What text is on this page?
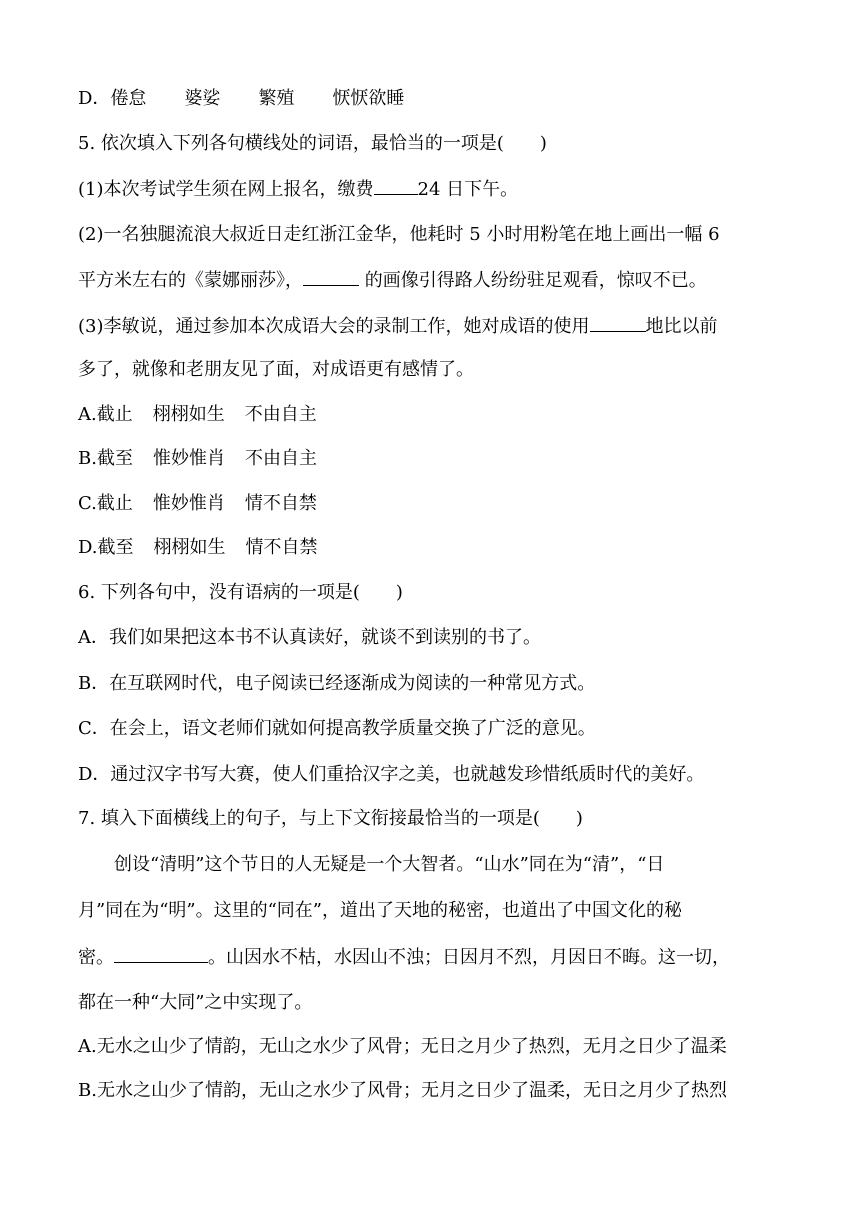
D．倦怠 婆娑 繁殖 恹恹欲睡
5. 依次填入下列各句横线处的词语，最恰当的一项是(　　)
(1)本次考试学生须在网上报名，缴费 24 日下午。
(2)一名独腿流浪大叔近日走红浙江金华，他耗时 5 小时用粉笔在地上画出一幅 6
平方米左右的《蒙娜丽莎》，	的画像引得路人纷纷驻足观看，惊叹不已。
(3)李敏说，通过参加本次成语大会的录制工作，她对成语的使用	地比以前
多了，就像和老朋友见了面，对成语更有感情了。
A.截止 栩栩如生 不由自主
B.截至 惟妙惟肖 不由自主
C.截止 惟妙惟肖 情不自禁
D.截至 栩栩如生 情不自禁
6. 下列各句中，没有语病的一项是(　　)
A．我们如果把这本书不认真读好，就谈不到读别的书了。
B．在互联网时代，电子阅读已经逐渐成为阅读的一种常见方式。
C．在会上，语文老师们就如何提高教学质量交换了广泛的意见。
D．通过汉字书写大赛，使人们重拾汉字之美，也就越发珍惜纸质时代的美好。
7. 填入下面横线上的句子，与上下文衔接最恰当的一项是(　　)
创设“清明”这个节日的人无疑是一个大智者。“山水”同在为“清”，“日
月”同在为“明”。这里的“同在”，道出了天地的秘密，也道出了中国文化的秘
密。	。山因水不枯，水因山不浊；日因月不烈，月因日不晦。这一切，
都在一种“大同”之中实现了。
A.无水之山少了情韵，无山之水少了风骨；无日之月少了热烈，无月之日少了温柔
B.无水之山少了情韵，无山之水少了风骨；无月之日少了温柔，无日之月少了热烈
